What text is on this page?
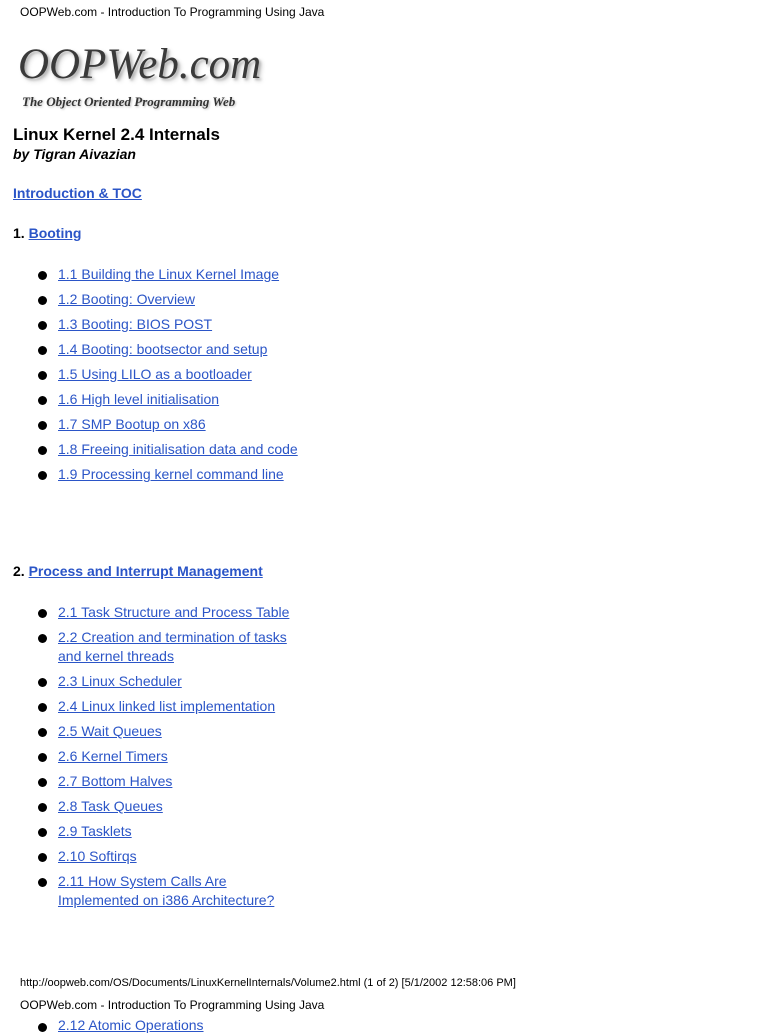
OOPWeb.com - Introduction To Programming Using Java
OOPWeb.com
The Object Oriented Programming Web
Linux Kernel 2.4 Internals
by Tigran Aivazian
Introduction & TOC
1. Booting
1.1 Building the Linux Kernel Image
1.2 Booting: Overview
1.3 Booting: BIOS POST
1.4 Booting: bootsector and setup
1.5 Using LILO as a bootloader
1.6 High level initialisation
1.7 SMP Bootup on x86
1.8 Freeing initialisation data and code
1.9 Processing kernel command line
2. Process and Interrupt Management
2.1 Task Structure and Process Table
2.2 Creation and termination of tasks and kernel threads
2.3 Linux Scheduler
2.4 Linux linked list implementation
2.5 Wait Queues
2.6 Kernel Timers
2.7 Bottom Halves
2.8 Task Queues
2.9 Tasklets
2.10 Softirqs
2.11 How System Calls Are Implemented on i386 Architecture?
http://oopweb.com/OS/Documents/LinuxKernelInternals/Volume2.html (1 of 2) [5/1/2002 12:58:06 PM]
OOPWeb.com - Introduction To Programming Using Java
2.12 Atomic Operations
